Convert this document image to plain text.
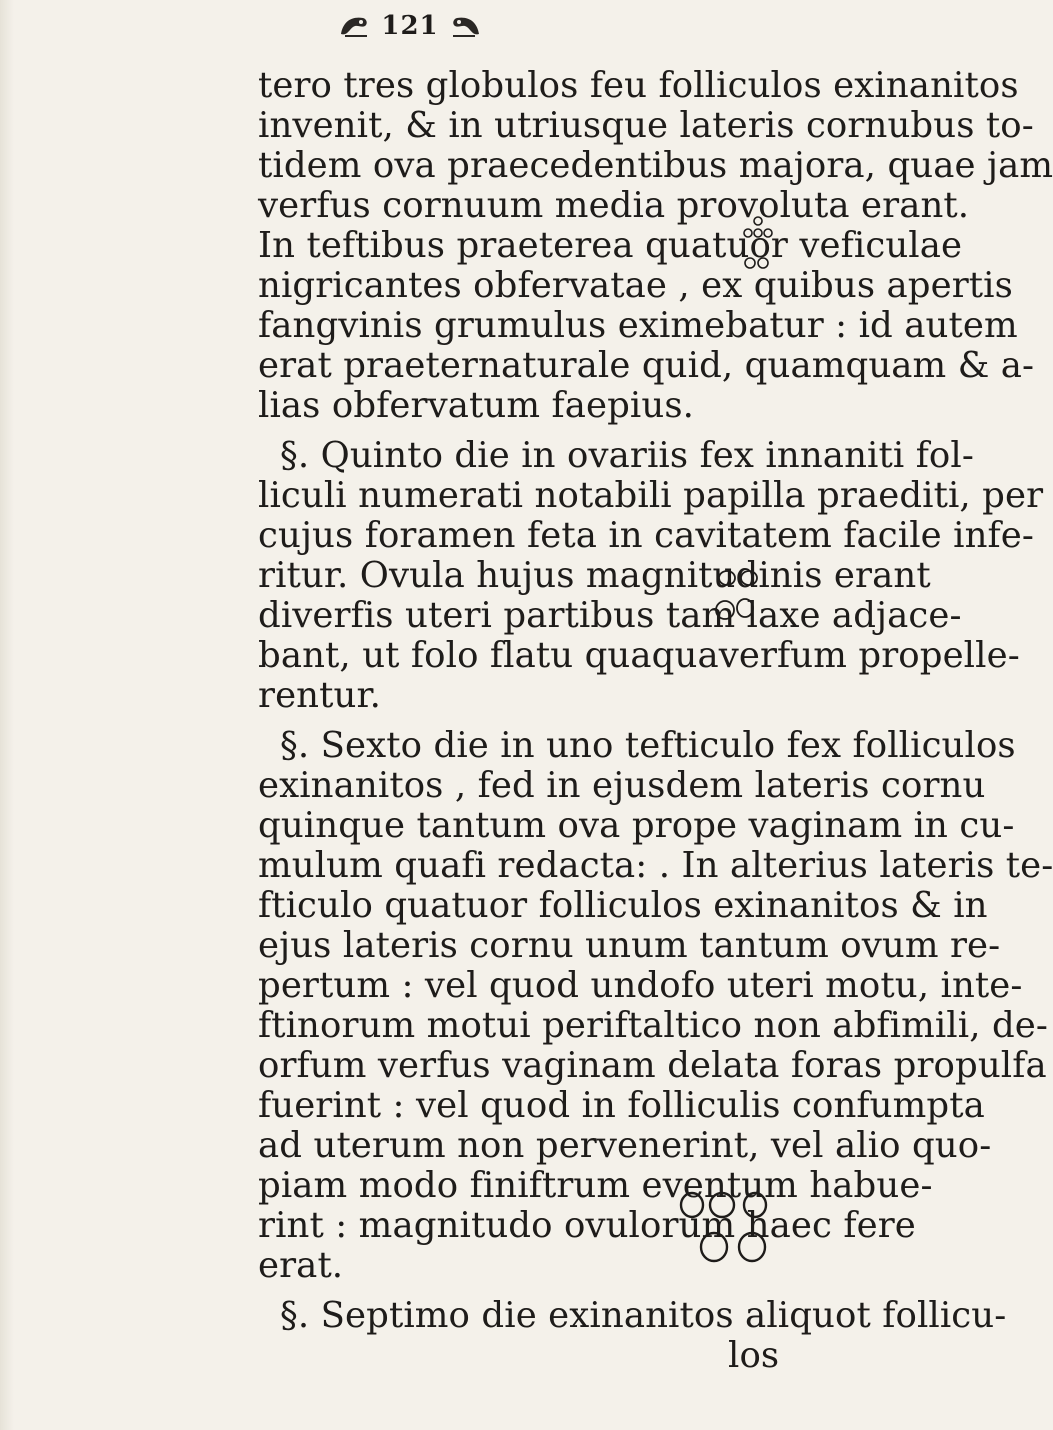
121
tero tres globulos feu folliculos exinanitos
invenit, & in utriusque lateris cornubus to-
tidem ova praecedentibus majora, quae jam
verfus cornuum media provoluta erant.
In teftibus praeterea quatuor veficulae
nigricantes obfervatae , ex quibus apertis
fangvinis grumulus eximebatur : id autem
erat praeternaturale quid, quamquam & a-
lias obfervatum faepius.
§. Quinto die in ovariis fex innaniti fol-
liculi numerati notabili papilla praediti, per
cujus foramen feta in cavitatem facile infe-
ritur. Ovula hujus magnitudinis erant
diverfis uteri partibus tam laxe adjace-
bant, ut folo flatu quaquaverfum propelle-
rentur.
§. Sexto die in uno tefticulo fex folliculos
exinanitos , fed in ejusdem lateris cornu
quinque tantum ova prope vaginam in cu-
mulum quafi redacta: . In alterius lateris te-
fticulo quatuor folliculos exinanitos & in
ejus lateris cornu unum tantum ovum re-
pertum : vel quod undofo uteri motu, inte-
ftinorum motui periftaltico non abfimili, de-
orfum verfus vaginam delata foras propulfa
fuerint : vel quod in folliculis confumpta
ad uterum non pervenerint, vel alio quo-
piam modo finiftrum eventum habue-
rint : magnitudo ovulorum haec fere
erat.
§. Septimo die exinanitos aliquot follicu-
los
